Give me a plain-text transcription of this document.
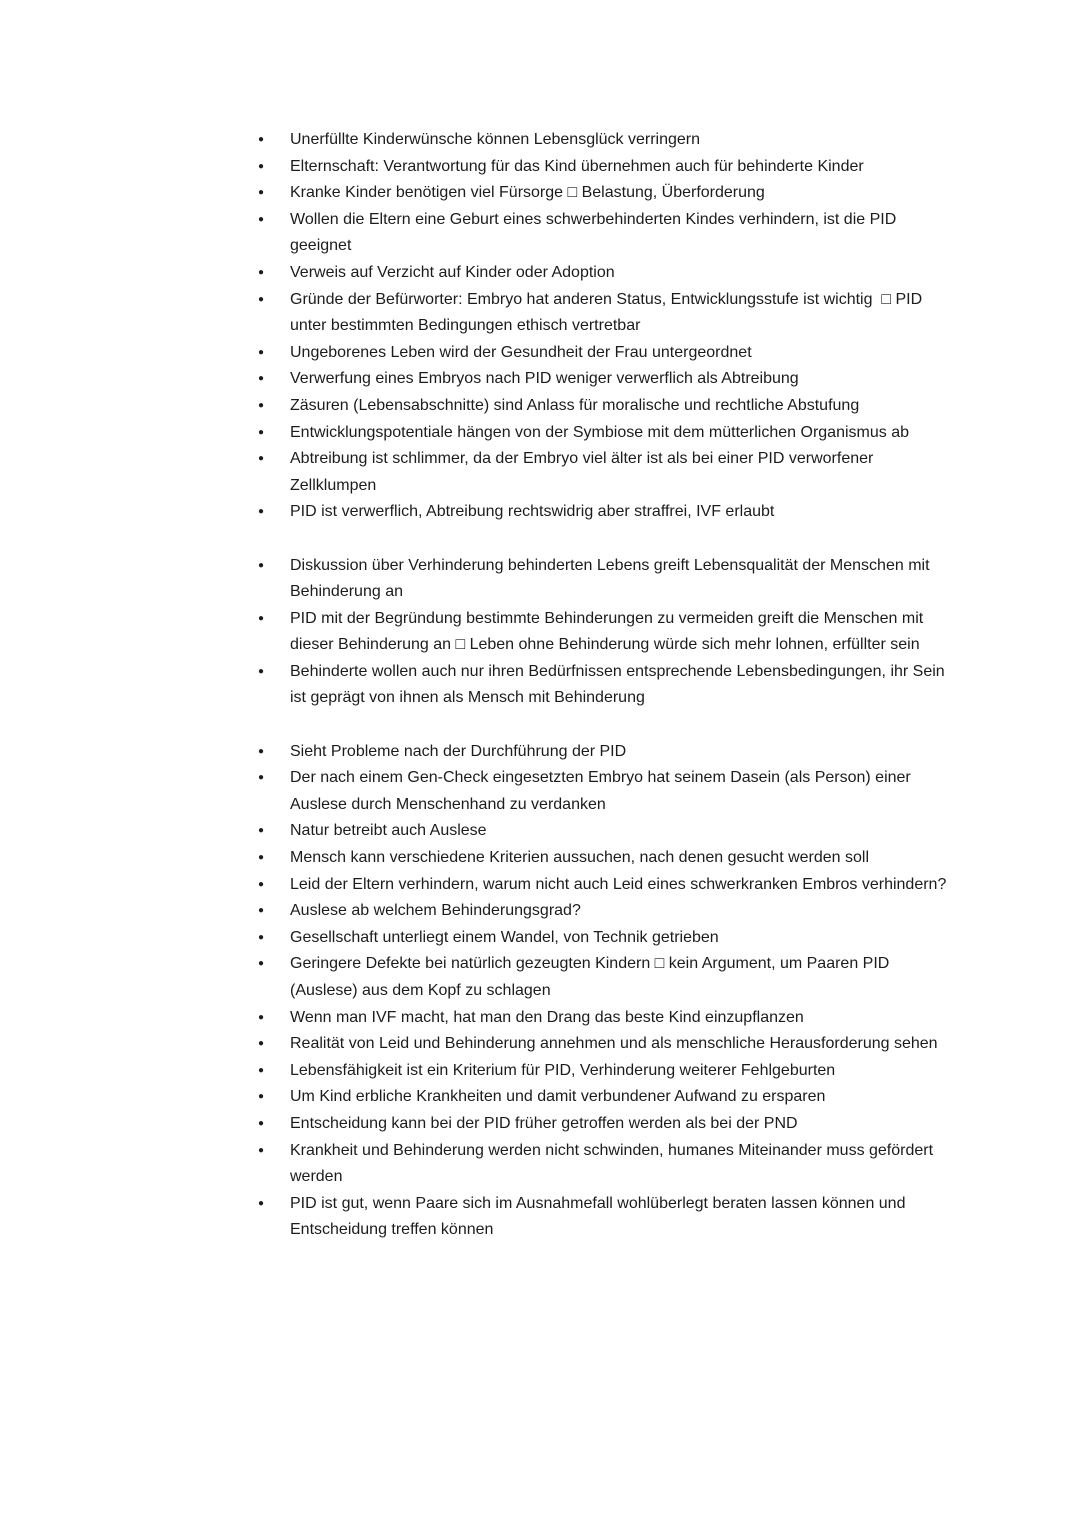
● Unerfüllte Kinderwünsche können Lebensglück verringern
● Elternschaft: Verantwortung für das Kind übernehmen auch für behinderte Kinder
● Kranke Kinder benötigen viel Fürsorge □ Belastung, Überforderung
● Wollen die Eltern eine Geburt eines schwerbehinderten Kindes verhindern, ist die PID geeignet
● Verweis auf Verzicht auf Kinder oder Adoption
● Gründe der Befürworter: Embryo hat anderen Status, Entwicklungsstufe ist wichtig  □ PID unter bestimmten Bedingungen ethisch vertretbar
● Ungeborenes Leben wird der Gesundheit der Frau untergeordnet
● Verwerfung eines Embryos nach PID weniger verwerflich als Abtreibung
● Zäsuren (Lebensabschnitte) sind Anlass für moralische und rechtliche Abstufung
● Entwicklungspotentiale hängen von der Symbiose mit dem mütterlichen Organismus ab
● Abtreibung ist schlimmer, da der Embryo viel älter ist als bei einer PID verworfener Zellklumpen
● PID ist verwerflich, Abtreibung rechtswidrig aber straffrei, IVF erlaubt
● Diskussion über Verhinderung behinderten Lebens greift Lebensqualität der Menschen mit Behinderung an
● PID mit der Begründung bestimmte Behinderungen zu vermeiden greift die Menschen mit dieser Behinderung an □ Leben ohne Behinderung würde sich mehr lohnen, erfüllter sein
● Behinderte wollen auch nur ihren Bedürfnissen entsprechende Lebensbedingungen, ihr Sein ist geprägt von ihnen als Mensch mit Behinderung
● Sieht Probleme nach der Durchführung der PID
● Der nach einem Gen-Check eingesetzten Embryo hat seinem Dasein (als Person) einer Auslese durch Menschenhand zu verdanken
● Natur betreibt auch Auslese
● Mensch kann verschiedene Kriterien aussuchen, nach denen gesucht werden soll
● Leid der Eltern verhindern, warum nicht auch Leid eines schwerkranken Embros verhindern?
● Auslese ab welchem Behinderungsgrad?
● Gesellschaft unterliegt einem Wandel, von Technik getrieben
● Geringere Defekte bei natürlich gezeugten Kindern □ kein Argument, um Paaren PID (Auslese) aus dem Kopf zu schlagen
● Wenn man IVF macht, hat man den Drang das beste Kind einzupflanzen
● Realität von Leid und Behinderung annehmen und als menschliche Herausforderung sehen
● Lebensfähigkeit ist ein Kriterium für PID, Verhinderung weiterer Fehlgeburten
● Um Kind erbliche Krankheiten und damit verbundener Aufwand zu ersparen
● Entscheidung kann bei der PID früher getroffen werden als bei der PND
● Krankheit und Behinderung werden nicht schwinden, humanes Miteinander muss gefördert werden
● PID ist gut, wenn Paare sich im Ausnahmefall wohlüberlegt beraten lassen können und Entscheidung treffen können
